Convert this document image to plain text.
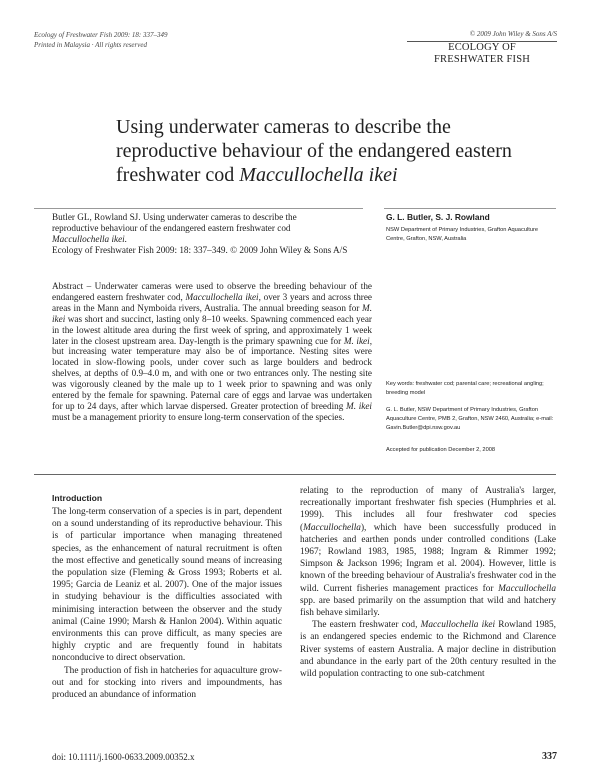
Ecology of Freshwater Fish 2009: 18: 337–349
Printed in Malaysia · All rights reserved
© 2009 John Wiley & Sons A/S
ECOLOGY OF
FRESHWATER FISH
Using underwater cameras to describe the
reproductive behaviour of the endangered eastern
freshwater cod Maccullochella ikei
Butler GL, Rowland SJ. Using underwater cameras to describe the
reproductive behaviour of the endangered eastern freshwater cod
Maccullochella ikei.
Ecology of Freshwater Fish 2009: 18: 337–349. © 2009 John Wiley & Sons A/S
Abstract – Underwater cameras were used to observe the breeding behaviour of the endangered eastern freshwater cod, Maccullochella ikei, over 3 years and across three areas in the Mann and Nymboida rivers, Australia. The annual breeding season for M. ikei was short and succinct, lasting only 8–10 weeks. Spawning commenced each year in the lowest altitude area during the first week of spring, and approximately 1 week later in the closest upstream area. Day-length is the primary spawning cue for M. ikei, but increasing water temperature may also be of importance. Nesting sites were located in slow-flowing pools, under cover such as large boulders and bedrock shelves, at depths of 0.9–4.0 m, and with one or two entrances only. The nesting site was vigorously cleaned by the male up to 1 week prior to spawning and was only entered by the female for spawning. Paternal care of eggs and larvae was undertaken for up to 24 days, after which larvae dispersed. Greater protection of breeding M. ikei must be a management priority to ensure long-term conservation of the species.
G. L. Butler, S. J. Rowland
NSW Department of Primary Industries, Grafton Aquaculture Centre, Grafton, NSW, Australia
Key words: freshwater cod; parental care; recreational angling; breeding model
G. L. Butler, NSW Department of Primary Industries, Grafton Aquaculture Centre, PMB 2, Grafton, NSW 2460, Australia; e-mail: Gavin.Butler@dpi.nsw.gov.au
Accepted for publication December 2, 2008
Introduction

The long-term conservation of a species is in part, dependent on a sound understanding of its reproductive behaviour. This is of particular importance when managing threatened species, as the enhancement of natural recruitment is often the most effective and genetically sound means of increasing the population size (Fleming & Gross 1993; Roberts et al. 1995; Garcia de Leaniz et al. 2007). One of the major issues in studying behaviour is the difficulties associated with minimising interaction between the observer and the study animal (Caine 1990; Marsh & Hanlon 2004). Within aquatic environments this can prove difficult, as many species are highly cryptic and are frequently found in habitats nonconducive to direct observation.

The production of fish in hatcheries for aquaculture grow-out and for stocking into rivers and impoundments, has produced an abundance of information

relating to the reproduction of many of Australia's larger, recreationally important freshwater fish species (Humphries et al. 1999). This includes all four freshwater cod species (Maccullochella), which have been successfully produced in hatcheries and earthen ponds under controlled conditions (Lake 1967; Rowland 1983, 1985, 1988; Ingram & Rimmer 1992; Simpson & Jackson 1996; Ingram et al. 2004). However, little is known of the breeding behaviour of Australia's freshwater cod in the wild. Current fisheries management practices for Maccullochella spp. are based primarily on the assumption that wild and hatchery fish behave similarly.

The eastern freshwater cod, Maccullochella ikei Rowland 1985, is an endangered species endemic to the Richmond and Clarence River systems of eastern Australia. A major decline in distribution and abundance in the early part of the 20th century resulted in the wild population contracting to one sub-catchment

doi: 10.1111/j.1600-0633.2009.00352.x	337
